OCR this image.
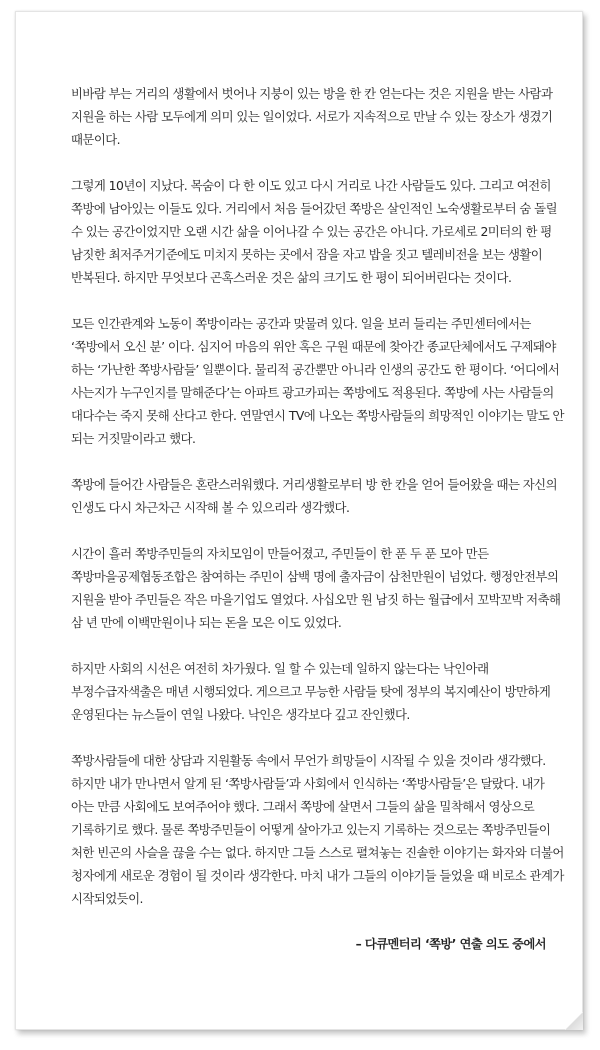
비바람 부는 거리의 생활에서 벗어나 지붕이 있는 방을 한 칸 얻는다는 것은 지원을 받는 사람과 지원을 하는 사람 모두에게 의미 있는 일이었다. 서로가 지속적으로 만날 수 있는 장소가 생겼기 때문이다.

그렇게 10년이 지났다. 목숨이 다 한 이도 있고 다시 거리로 나간 사람들도 있다. 그리고 여전히 쪽방에 남아있는 이들도 있다. 거리에서 처음 들어갔던 쪽방은 살인적인 노숙생활로부터 숨 돌릴 수 있는 공간이었지만 오랜 시간 삶을 이어나갈 수 있는 공간은 아니다. 가로세로 2미터의 한 평 남짓한 최저주거기준에도 미치지 못하는 곳에서 잠을 자고 밥을 짓고 텔레비전을 보는 생활이 반복된다. 하지만 무엇보다 곤혹스러운 것은 삶의 크기도 한 평이 되어버린다는 것이다.

모든 인간관계와 노동이 쪽방이라는 공간과 맞물려 있다. 일을 보러 들리는 주민센터에서는 ‘쪽방에서 오신 분’ 이다. 심지어 마음의 위안 혹은 구원 때문에 찾아간 종교단체에서도 구제돼야 하는 ‘가난한 쪽방사람들’ 일뿐이다. 물리적 공간뿐만 아니라 인생의 공간도 한 평이다. ‘어디에서 사는지가 누구인지를 말해준다’는 아파트 광고카피는 쪽방에도 적용된다. 쪽방에 사는 사람들의 대다수는 죽지 못해 산다고 한다. 연말연시 TV에 나오는 쪽방사람들의 희망적인 이야기는 말도 안 되는 거짓말이라고 했다.

쪽방에 들어간 사람들은 혼란스러워했다. 거리생활로부터 방 한 칸을 얻어 들어왔을 때는 자신의 인생도 다시 차근차근 시작해 볼 수 있으리라 생각했다.

시간이 흘러 쪽방주민들의 자치모임이 만들어졌고, 주민들이 한 푼 두 푼 모아 만든 쪽방마을공제협동조합은 참여하는 주민이 삼백 명에 출자금이 삼천만원이 넘었다. 행정안전부의 지원을 받아 주민들은 작은 마을기업도 열었다. 사십오만 원 남짓 하는 월급에서 꼬박꼬박 저축해 삼 년 만에 이백만원이나 되는 돈을 모은 이도 있었다.

하지만 사회의 시선은 여전히 차가웠다. 일 할 수 있는데 일하지 않는다는 낙인아래 부정수급자색출은 매년 시행되었다. 게으르고 무능한 사람들 탓에 정부의 복지예산이 방만하게 운영된다는 뉴스들이 연일 나왔다. 낙인은 생각보다 깊고 잔인했다.

쪽방사람들에 대한 상담과 지원활동 속에서 무언가 희망들이 시작될 수 있을 것이라 생각했다. 하지만 내가 만나면서 알게 된 ‘쪽방사람들’과 사회에서 인식하는 ‘쪽방사람들’은 달랐다. 내가 아는 만큼 사회에도 보여주어야 했다. 그래서 쪽방에 살면서 그들의 삶을 밀착해서 영상으로 기록하기로 했다. 물론 쪽방주민들이 어떻게 살아가고 있는지 기록하는 것으로는 쪽방주민들이 처한 빈곤의 사슬을 끊을 수는 없다. 하지만 그들 스스로 펼쳐놓는 진솔한 이야기는 화자와 더불어 청자에게 새로운 경험이 될 것이라 생각한다. 마치 내가 그들의 이야기들 들었을 때 비로소 관계가 시작되었듯이.

– 다큐멘터리 ‘쪽방’ 연출 의도 중에서
